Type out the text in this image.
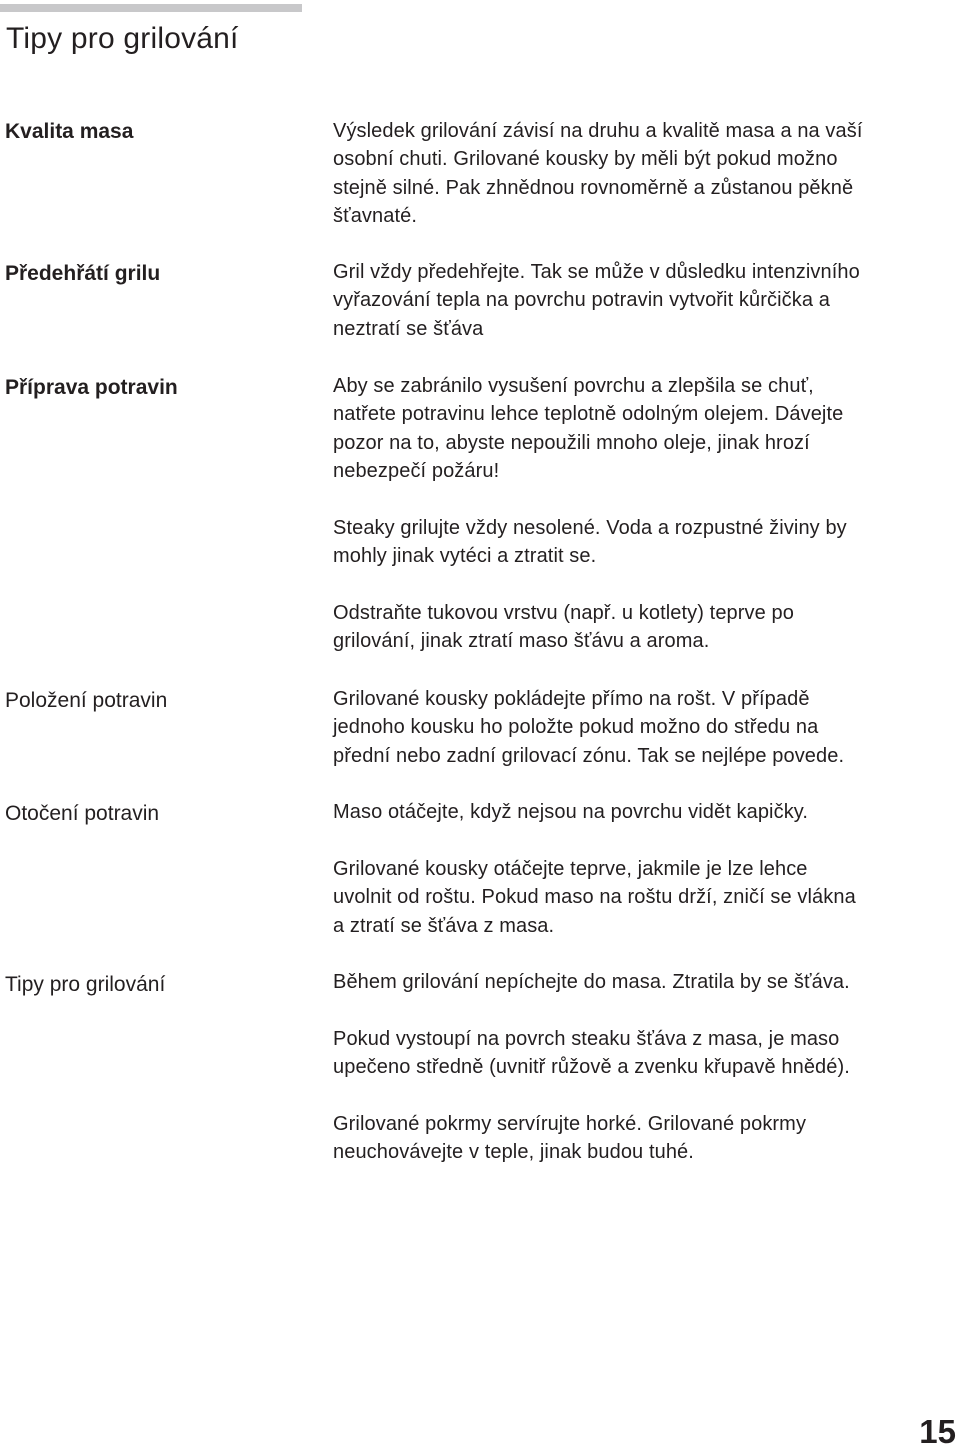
Tipy pro grilování

Kvalita masa	Výsledek grilování závisí na druhu a kvalitě masa a na vaší
osobní chuti. Grilované kousky by měli být pokud možno
stejně silné. Pak zhnědnou rovnoměrně a zůstanou pěkně
šťavnaté.

Předehřátí grilu	Gril vždy předehřejte. Tak se může v důsledku intenzivního
vyřazování tepla na povrchu potravin vytvořit kůrčička a
neztratí se šťáva

Příprava potravin	Aby se zabránilo vysušení povrchu a zlepšila se chuť,
natřete potravinu lehce teplotně odolným olejem. Dávejte
pozor na to, abyste nepoužili mnoho oleje, jinak hrozí
nebezpečí požáru!

Steaky grilujte vždy nesolené. Voda a rozpustné živiny by
mohly jinak vytéci a ztratit se.

Odstraňte tukovou vrstvu (např. u kotlety) teprve po
grilování, jinak ztratí maso šťávu a aroma.

Položení potravin	Grilované kousky pokládejte přímo na rošt. V případě
jednoho kousku ho položte pokud možno do středu na
přední nebo zadní grilovací zónu. Tak se nejlépe povede.

Otočení potravin	Maso otáčejte, když nejsou na povrchu vidět kapičky.

Grilované kousky otáčejte teprve, jakmile je lze lehce
uvolnit od roštu. Pokud maso na roštu drží, zničí se vlákna
a ztratí se šťáva z masa.

Tipy pro grilování	Během grilování nepíchejte do masa. Ztratila by se šťáva.

Pokud vystoupí na povrch steaku šťáva z masa, je maso
upečeno středně (uvnitř růžově a zvenku křupavě hnědé).

Grilované pokrmy servírujte horké. Grilované pokrmy
neuchovávejte v teple, jinak budou tuhé.

15
